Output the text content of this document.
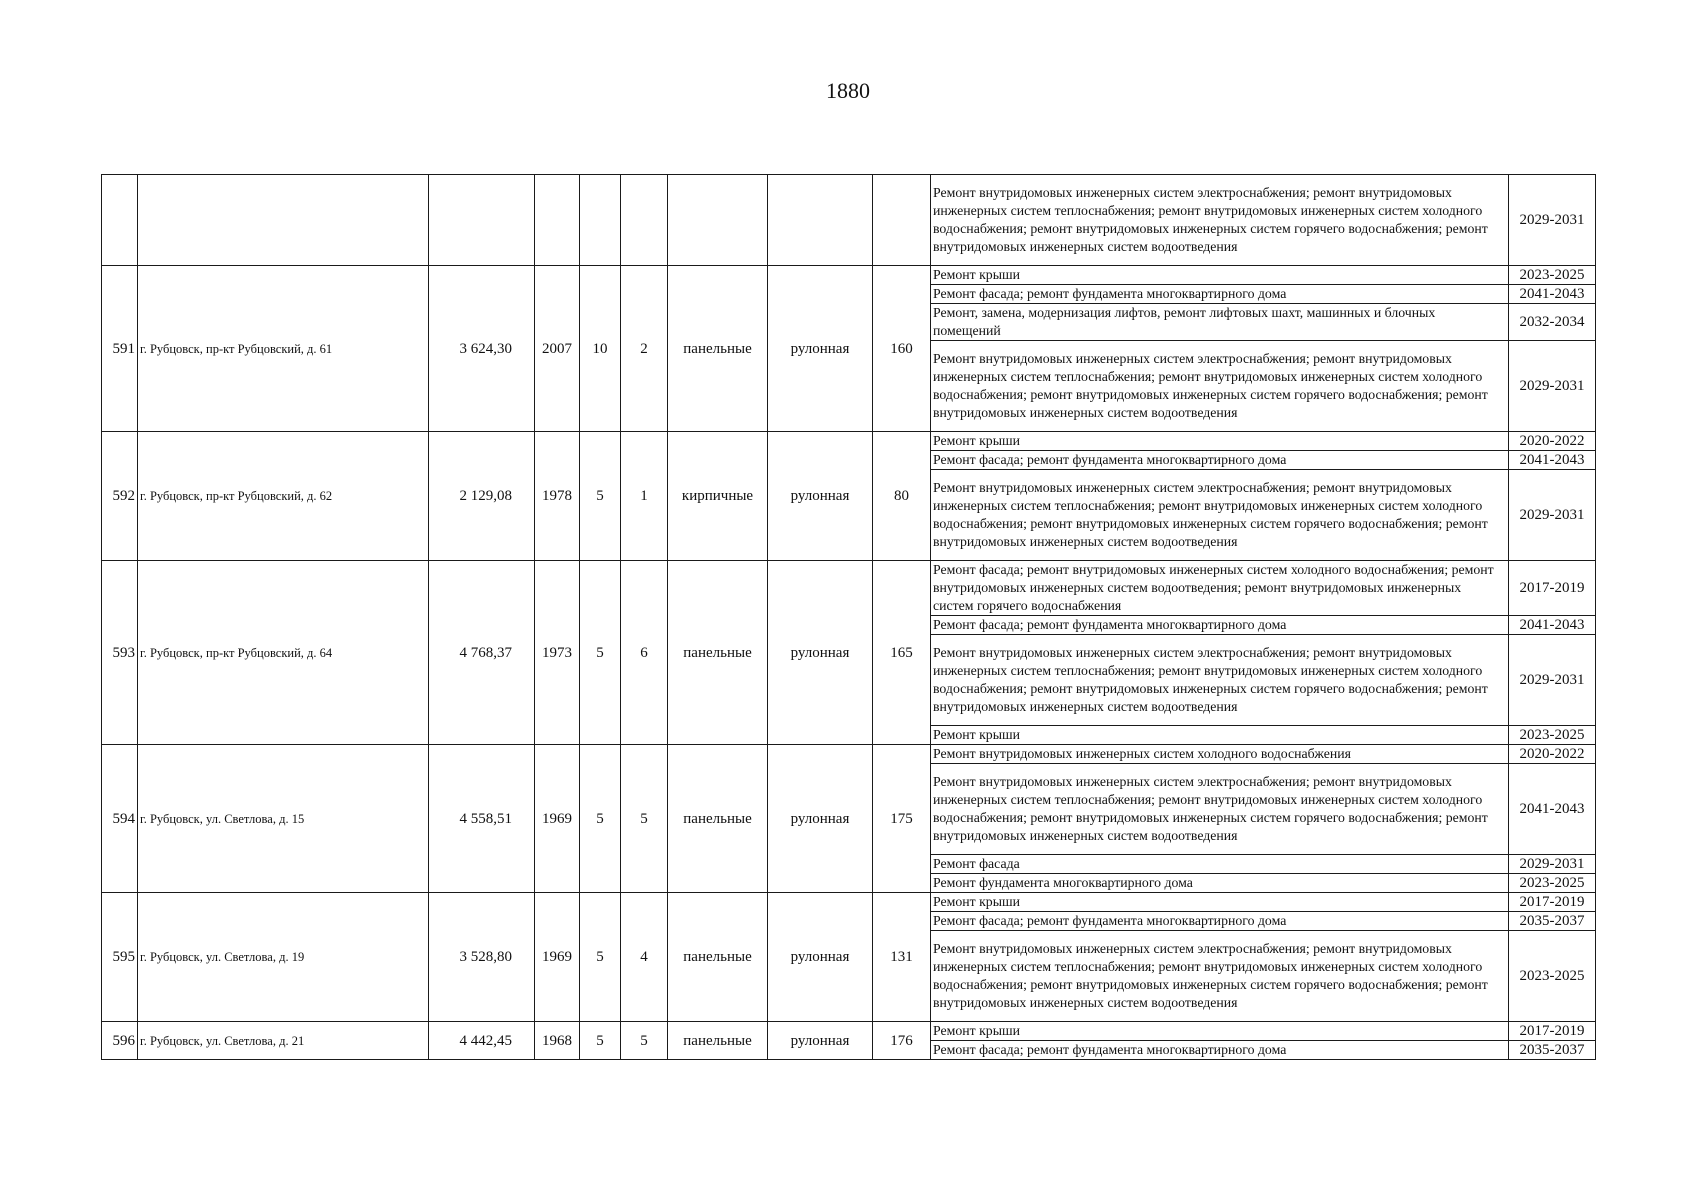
1880
									Ремонт внутридомовых инженерных систем электроснабжения; ремонт внутридомовых инженерных систем теплоснабжения; ремонт внутридомовых инженерных систем холодного водоснабжения; ремонт внутридомовых инженерных систем горячего водоснабжения; ремонт внутридомовых инженерных систем водоотведения	2029-2031
591	г. Рубцовск, пр-кт Рубцовский, д. 61	3 624,30	2007	10	2	панельные	рулонная	160	Ремонт крыши	2023-2025
									Ремонт фасада; ремонт фундамента многоквартирного дома	2041-2043
									Ремонт, замена, модернизация лифтов, ремонт лифтовых шахт, машинных и блочных помещений	2032-2034
									Ремонт внутридомовых инженерных систем электроснабжения; ремонт внутридомовых инженерных систем теплоснабжения; ремонт внутридомовых инженерных систем холодного водоснабжения; ремонт внутридомовых инженерных систем горячего водоснабжения; ремонт внутридомовых инженерных систем водоотведения	2029-2031
592	г. Рубцовск, пр-кт Рубцовский, д. 62	2 129,08	1978	5	1	кирпичные	рулонная	80	Ремонт крыши	2020-2022
									Ремонт фасада; ремонт фундамента многоквартирного дома	2041-2043
									Ремонт внутридомовых инженерных систем электроснабжения; ремонт внутридомовых инженерных систем теплоснабжения; ремонт внутридомовых инженерных систем холодного водоснабжения; ремонт внутридомовых инженерных систем горячего водоснабжения; ремонт внутридомовых инженерных систем водоотведения	2029-2031
593	г. Рубцовск, пр-кт Рубцовский, д. 64	4 768,37	1973	5	6	панельные	рулонная	165	Ремонт фасада; ремонт внутридомовых инженерных систем холодного водоснабжения; ремонт внутридомовых инженерных систем водоотведения; ремонт внутридомовых инженерных систем горячего водоснабжения	2017-2019
									Ремонт фасада; ремонт фундамента многоквартирного дома	2041-2043
									Ремонт внутридомовых инженерных систем электроснабжения; ремонт внутридомовых инженерных систем теплоснабжения; ремонт внутридомовых инженерных систем холодного водоснабжения; ремонт внутридомовых инженерных систем горячего водоснабжения; ремонт внутридомовых инженерных систем водоотведения	2029-2031
									Ремонт крыши	2023-2025
594	г. Рубцовск, ул. Светлова, д. 15	4 558,51	1969	5	5	панельные	рулонная	175	Ремонт внутридомовых инженерных систем холодного водоснабжения	2020-2022
									Ремонт внутридомовых инженерных систем электроснабжения; ремонт внутридомовых инженерных систем теплоснабжения; ремонт внутридомовых инженерных систем холодного водоснабжения; ремонт внутридомовых инженерных систем горячего водоснабжения; ремонт внутридомовых инженерных систем водоотведения	2041-2043
									Ремонт фасада	2029-2031
									Ремонт фундамента многоквартирного дома	2023-2025
595	г. Рубцовск, ул. Светлова, д. 19	3 528,80	1969	5	4	панельные	рулонная	131	Ремонт крыши	2017-2019
									Ремонт фасада; ремонт фундамента многоквартирного дома	2035-2037
									Ремонт внутридомовых инженерных систем электроснабжения; ремонт внутридомовых инженерных систем теплоснабжения; ремонт внутридомовых инженерных систем холодного водоснабжения; ремонт внутридомовых инженерных систем горячего водоснабжения; ремонт внутридомовых инженерных систем водоотведения	2023-2025
596	г. Рубцовск, ул. Светлова, д. 21	4 442,45	1968	5	5	панельные	рулонная	176	Ремонт крыши	2017-2019
									Ремонт фасада; ремонт фундамента многоквартирного дома	2035-2037
